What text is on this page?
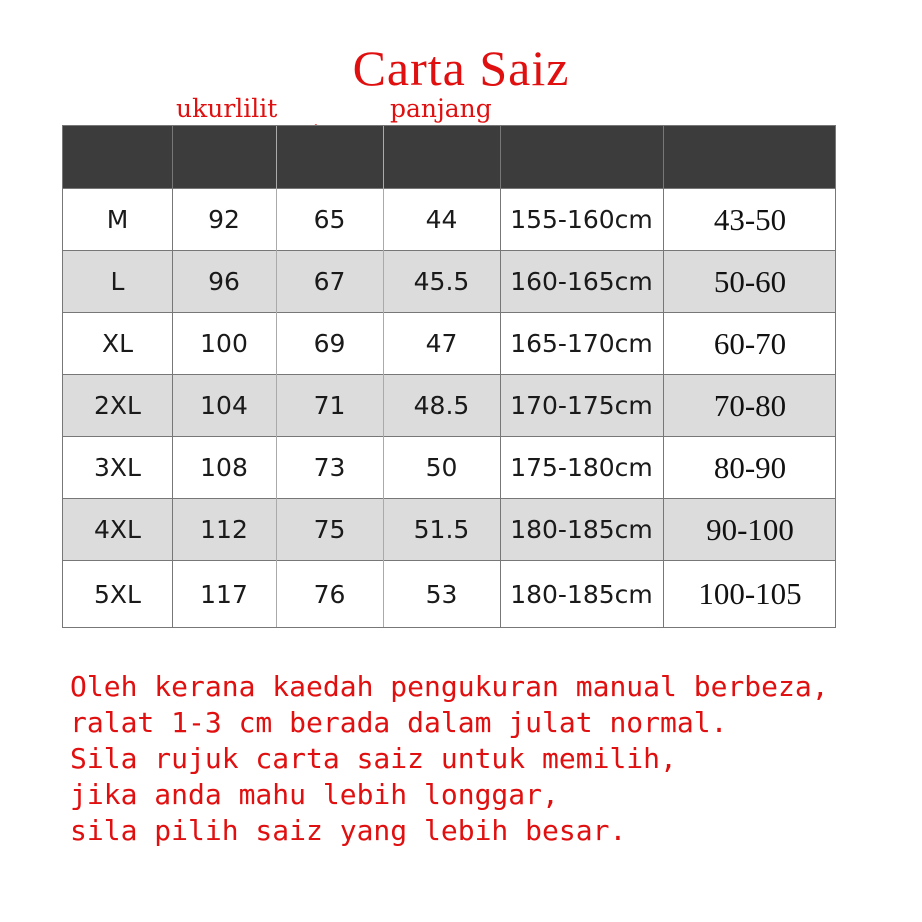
Carta Saiz
ukurlilit	panjang
M	92	65	44	155-160cm	43-50
L	96	67	45.5	160-165cm	50-60
XL	100	69	47	165-170cm	60-70
2XL	104	71	48.5	170-175cm	70-80
3XL	108	73	50	175-180cm	80-90
4XL	112	75	51.5	180-185cm	90-100
5XL	117	76	53	180-185cm	100-105
Oleh kerana kaedah pengukuran manual berbeza,
ralat 1-3 cm berada dalam julat normal.
Sila rujuk carta saiz untuk memilih,
jika anda mahu lebih longgar,
sila pilih saiz yang lebih besar.
